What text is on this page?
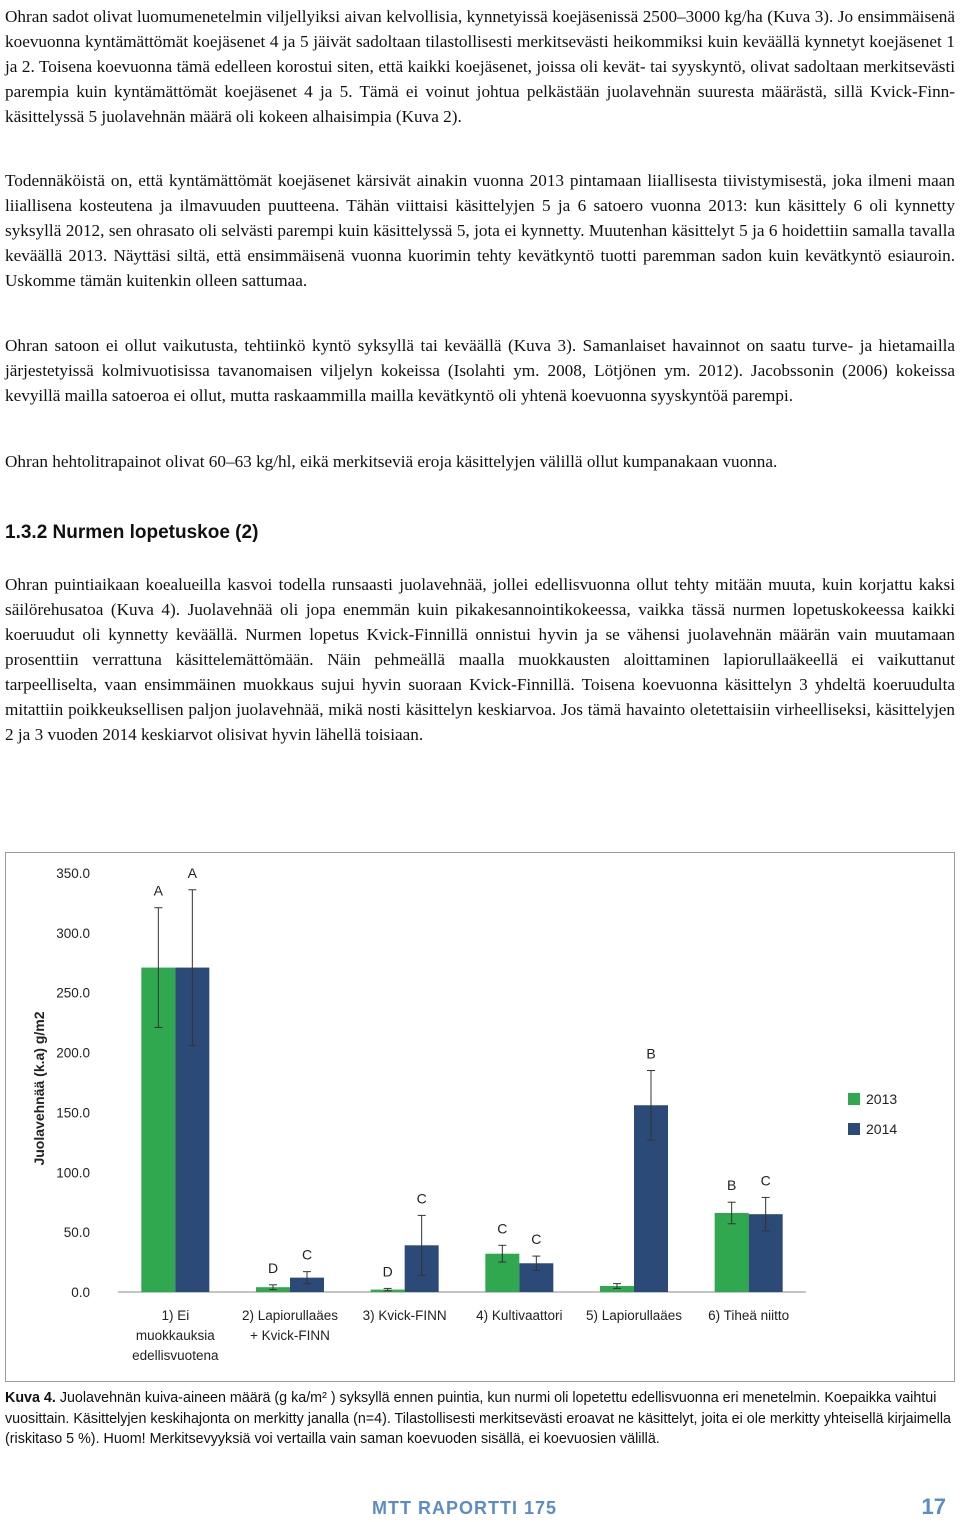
Ohran sadot olivat luomumenetelmin viljellyiksi aivan kelvollisia, kynnetyissä koejäsenissä 2500–3000 kg/ha (Kuva 3). Jo ensimmäisenä koevuonna kyntämättömät koejäsenet 4 ja 5 jäivät sadoltaan tilastollisesti merkitsevästi heikommiksi kuin keväällä kynnetyt koejäsenet 1 ja 2. Toisena koevuonna tämä edelleen korostui siten, että kaikki koejäsenet, joissa oli kevät- tai syyskyntö, olivat sadoltaan merkitsevästi parempia kuin kyntämättömät koejäsenet 4 ja 5. Tämä ei voinut johtua pelkästään juolavehnän suuresta määrästä, sillä Kvick-Finn-käsittelyssä 5 juolavehnän määrä oli kokeen alhaisimpia (Kuva 2).

Todennäköistä on, että kyntämättömät koejäsenet kärsivät ainakin vuonna 2013 pintamaan liiallisesta tiivistymisestä, joka ilmeni maan liiallisena kosteutena ja ilmavuuden puutteena. Tähän viittaisi käsittelyjen 5 ja 6 satoero vuonna 2013: kun käsittely 6 oli kynnetty syksyllä 2012, sen ohrasato oli selvästi parempi kuin käsittelyssä 5, jota ei kynnetty. Muutenhan käsittelyt 5 ja 6 hoidettiin samalla tavalla keväällä 2013. Näyttäsi siltä, että ensimmäisenä vuonna kuorimin tehty kevätkyntö tuotti paremman sadon kuin kevätkyntö esiauroin. Uskomme tämän kuitenkin olleen sattumaa.

Ohran satoon ei ollut vaikutusta, tehtiinkö kyntö syksyllä tai keväällä (Kuva 3). Samanlaiset havainnot on saatu turve- ja hietamailla järjestetyissä kolmivuotisissa tavanomaisen viljelyn kokeissa (Isolahti ym. 2008, Lötjönen ym. 2012). Jacobssonin (2006) kokeissa kevyillä mailla satoeroa ei ollut, mutta raskaammilla mailla kevätkyntö oli yhtenä koevuonna syyskyntöä parempi.

Ohran hehtolitrapainot olivat 60–63 kg/hl, eikä merkitseviä eroja käsittelyjen välillä ollut kumpanakaan vuonna.

1.3.2 Nurmen lopetuskoe (2)

Ohran puintiaikaan koealueilla kasvoi todella runsaasti juolavehnää, jollei edellisvuonna ollut tehty mitään muuta, kuin korjattu kaksi säilörehusatoa (Kuva 4). Juolavehnää oli jopa enemmän kuin pikakesannointikokeessa, vaikka tässä nurmen lopetuskokeessa kaikki koeruudut oli kynnetty keväällä. Nurmen lopetus Kvick-Finnillä onnistui hyvin ja se vähensi juolavehnän määrän vain muutamaan prosenttiin verrattuna käsittelemättömään. Näin pehmeällä maalla muokkausten aloittaminen lapiorullaäkeellä ei vaikuttanut tarpeelliselta, vaan ensimmäinen muokkaus sujui hyvin suoraan Kvick-Finnillä. Toisena koevuonna käsittelyn 3 yhdeltä koeruudulta mitattiin poikkeuksellisen paljon juolavehnää, mikä nosti käsittelyn keskiarvoa. Jos tämä havainto oletettaisiin virheelliseksi, käsittelyjen 2 ja 3 vuoden 2014 keskiarvot olisivat hyvin lähellä toisiaan.

0.0
50.0
100.0
150.0
200.0
250.0
300.0
350.0
Juolavehnää (k.a) g/m2
1) Ei
muokkauksia
edellisvuotena
A
A
2) Lapiorullaäes
+ Kvick-FINN
D
C
3) Kvick-FINN
D
C
4) Kultivaattori
C
C
5) Lapiorullaäes
B
6) Tiheä niitto
B C
2013
2014

Kuva 4. Juolavehnän kuiva-aineen määrä (g ka/m² ) syksyllä ennen puintia, kun nurmi oli lopetettu edellisvuonna eri menetelmin. Koepaikka vaihtui vuosittain. Käsittelyjen keskihajonta on merkitty janalla (n=4). Tilastollisesti merkitsevästi eroavat ne käsittelyt, joita ei ole merkitty yhteisellä kirjaimella (riskitaso 5 %). Huom! Merkitsevyyksiä voi vertailla vain saman koevuoden sisällä, ei koevuosien välillä.

MTT RAPORTTI 175	17
